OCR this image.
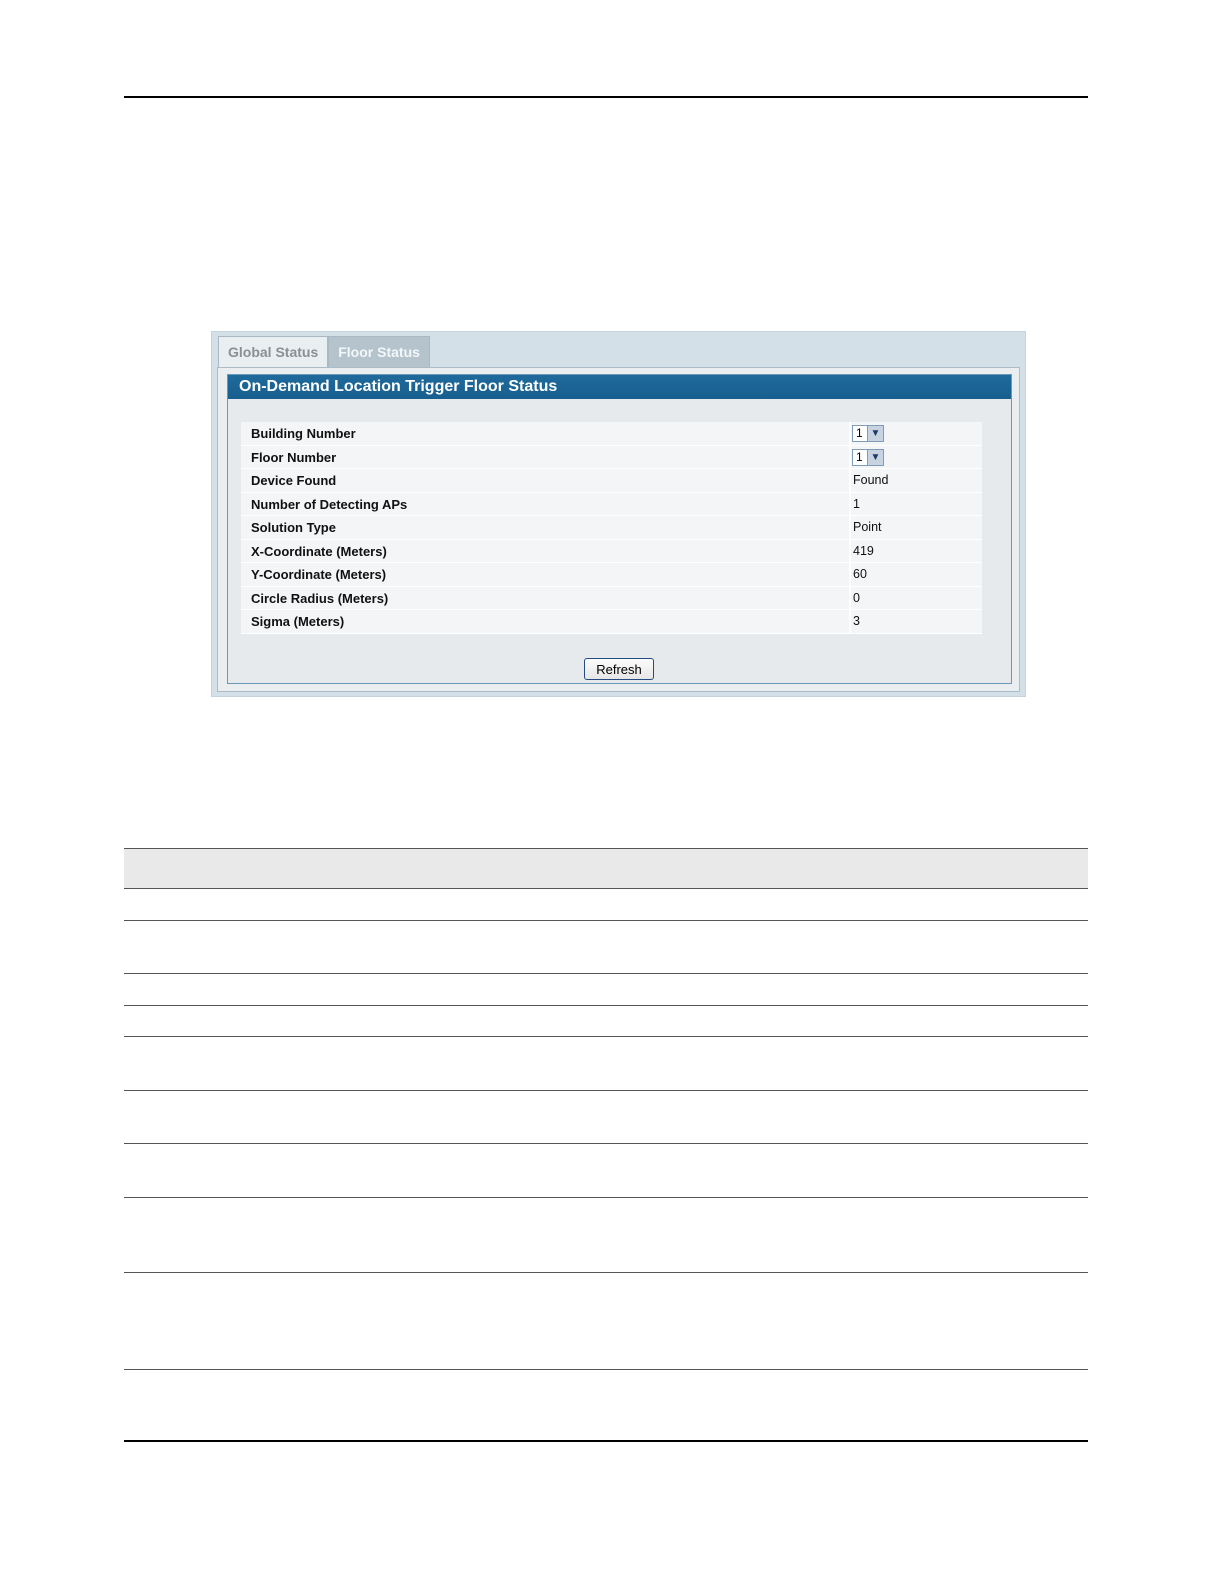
Global Status	Floor Status
On-Demand Location Trigger Floor Status
Building Number	1 ▼
Floor Number	1 ▼
Device Found	Found
Number of Detecting APs	1
Solution Type	Point
X-Coordinate (Meters)	419
Y-Coordinate (Meters)	60
Circle Radius (Meters)	0
Sigma (Meters)	3
Refresh
